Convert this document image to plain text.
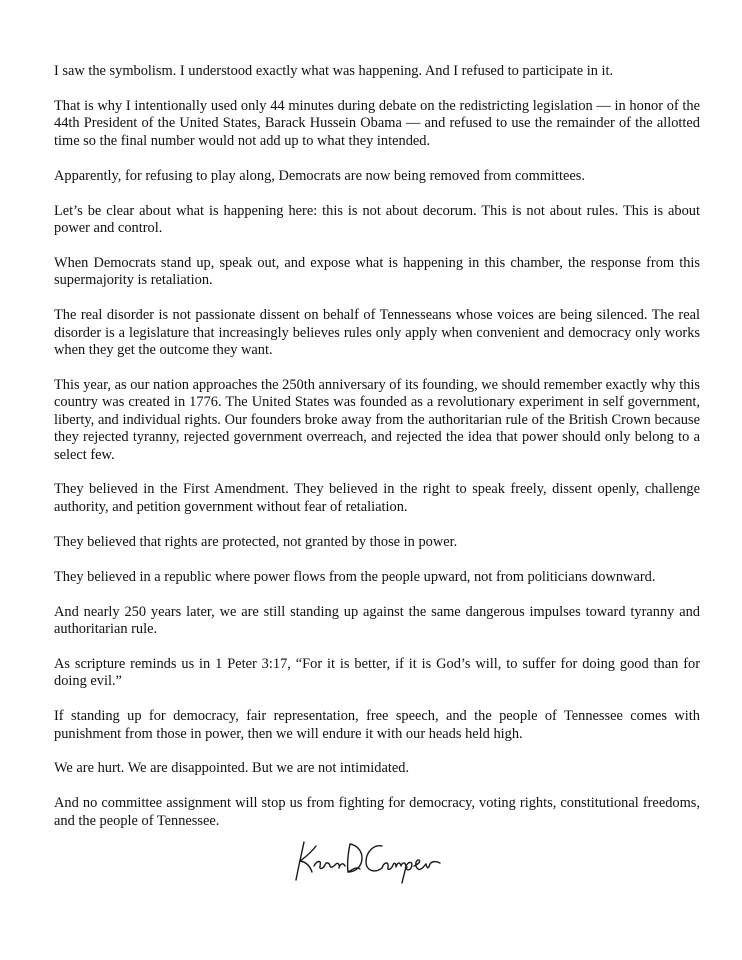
I saw the symbolism. I understood exactly what was happening. And I refused to participate in it.

That is why I intentionally used only 44 minutes during debate on the redistricting legislation — in honor of the 44th President of the United States, Barack Hussein Obama — and refused to use the remainder of the allotted time so the final number would not add up to what they intended.

Apparently, for refusing to play along, Democrats are now being removed from committees.

Let’s be clear about what is happening here: this is not about decorum. This is not about rules. This is about power and control.

When Democrats stand up, speak out, and expose what is happening in this chamber, the response from this supermajority is retaliation.

The real disorder is not passionate dissent on behalf of Tennesseans whose voices are being silenced. The real disorder is a legislature that increasingly believes rules only apply when convenient and democracy only works when they get the outcome they want.

This year, as our nation approaches the 250th anniversary of its founding, we should remember exactly why this country was created in 1776. The United States was founded as a revolutionary experiment in self government, liberty, and individual rights. Our founders broke away from the authoritarian rule of the British Crown because they rejected tyranny, rejected government overreach, and rejected the idea that power should only belong to a select few.

They believed in the First Amendment. They believed in the right to speak freely, dissent openly, challenge authority, and petition government without fear of retaliation.

They believed that rights are protected, not granted by those in power.

They believed in a republic where power flows from the people upward, not from politicians downward.

And nearly 250 years later, we are still standing up against the same dangerous impulses toward tyranny and authoritarian rule.

As scripture reminds us in 1 Peter 3:17, “For it is better, if it is God’s will, to suffer for doing good than for doing evil.”

If standing up for democracy, fair representation, free speech, and the people of Tennessee comes with punishment from those in power, then we will endure it with our heads held high.

We are hurt. We are disappointed. But we are not intimidated.

And no committee assignment will stop us from fighting for democracy, voting rights, constitutional freedoms, and the people of Tennessee.
